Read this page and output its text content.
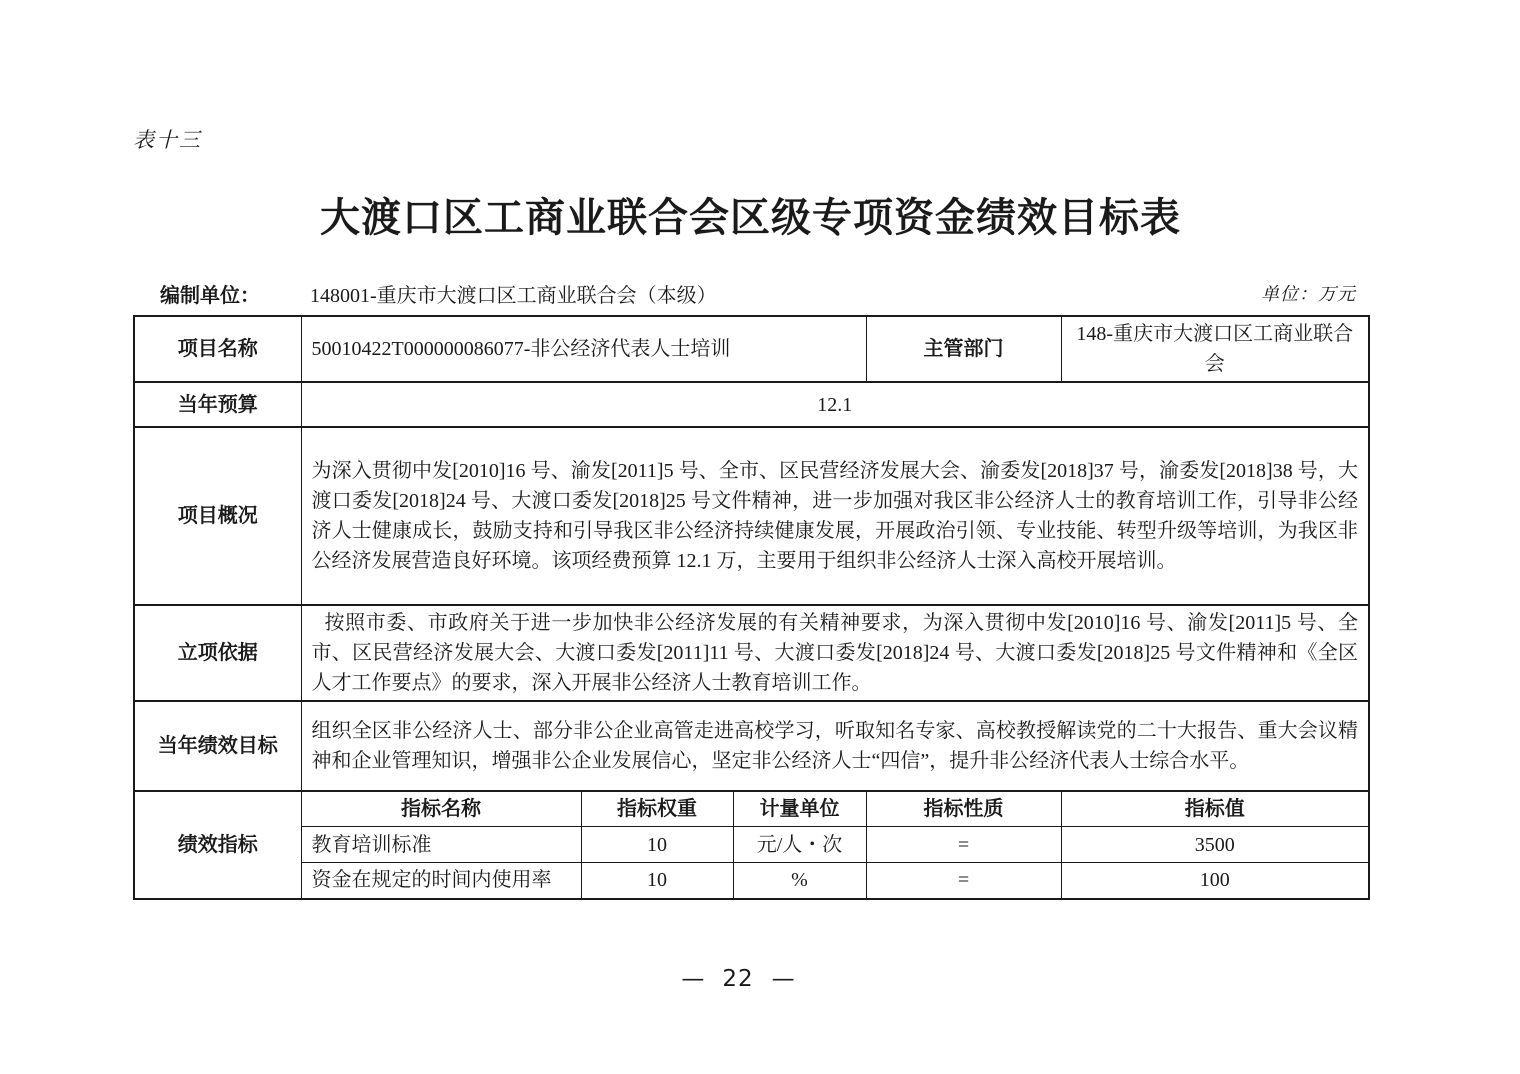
表十三
大渡口区工商业联合会区级专项资金绩效目标表
编制单位：	148001-重庆市大渡口区工商业联合会（本级）	单位：万元
项目名称	50010422T000000086077-非公经济代表人士培训			主管部门	148-重庆市大渡口区工商业联合会
当年预算	12.1				
项目概况	为深入贯彻中发[2010]16 号、渝发[2011]5 号、全市、区民营经济发展大会、渝委发[2018]37 号，渝委发[2018]38 号，大渡口委发[2018]24 号、大渡口委发[2018]25 号文件精神，进一步加强对我区非公经济人士的教育培训工作，引导非公经济人士健康成长，鼓励支持和引导我区非公经济持续健康发展，开展政治引领、专业技能、转型升级等培训，为我区非公经济发展营造良好环境。该项经费预算 12.1 万，主要用于组织非公经济人士深入高校开展培训。				
立项依据	按照市委、市政府关于进一步加快非公经济发展的有关精神要求，为深入贯彻中发[2010]16 号、渝发[2011]5 号、全市、区民营经济发展大会、大渡口委发[2011]11 号、大渡口委发[2018]24 号、大渡口委发[2018]25 号文件精神和《全区人才工作要点》的要求，深入开展非公经济人士教育培训工作。				
当年绩效目标	组织全区非公经济人士、部分非公企业高管走进高校学习，听取知名专家、高校教授解读党的二十大报告、重大会议精神和企业管理知识，增强非公企业发展信心，坚定非公经济人士“四信”，提升非公经济代表人士综合水平。				
绩效指标	指标名称	指标权重	计量单位	指标性质	指标值
	教育培训标准	10	元/人・次	=	3500
	资金在规定的时间内使用率	10	%	=	100
— 22 —
